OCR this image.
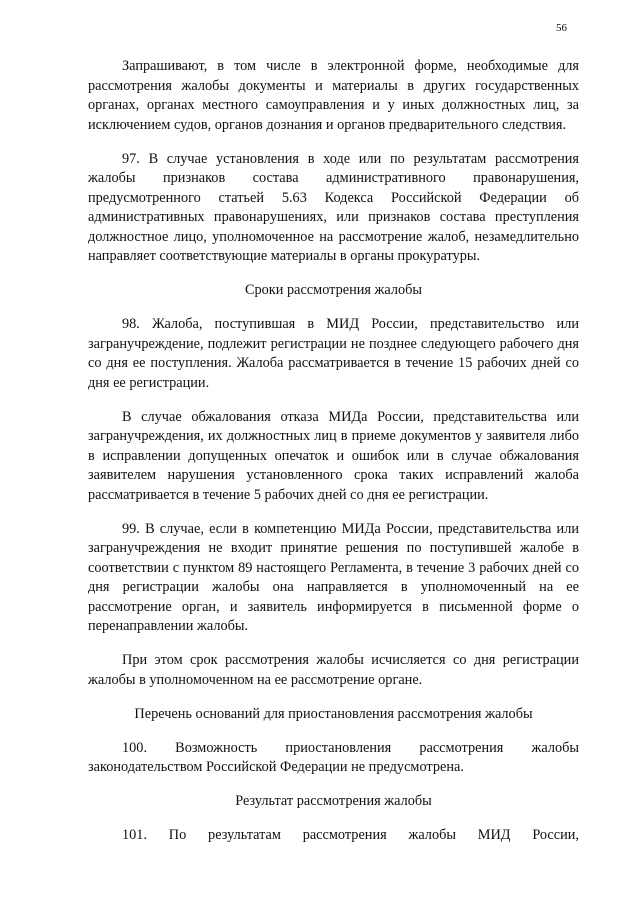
56

Запрашивают, в том числе в электронной форме, необходимые для рассмотрения жалобы документы и материалы в других государственных органах, органах местного самоуправления и у иных должностных лиц, за исключением судов, органов дознания и органов предварительного следствия.

97. В случае установления в ходе или по результатам рассмотрения жалобы признаков состава административного правонарушения, предусмотренного статьей 5.63 Кодекса Российской Федерации об административных правонарушениях, или признаков состава преступления должностное лицо, уполномоченное на рассмотрение жалоб, незамедлительно направляет соответствующие материалы в органы прокуратуры.

Сроки рассмотрения жалобы

98. Жалоба, поступившая в МИД России, представительство или загранучреждение, подлежит регистрации не позднее следующего рабочего дня со дня ее поступления. Жалоба рассматривается в течение 15 рабочих дней со дня ее регистрации.

В случае обжалования отказа МИДа России, представительства или загранучреждения, их должностных лиц в приеме документов у заявителя либо в исправлении допущенных опечаток и ошибок или в случае обжалования заявителем нарушения установленного срока таких исправлений жалоба рассматривается в течение 5 рабочих дней со дня ее регистрации.

99. В случае, если в компетенцию МИДа России, представительства или загранучреждения не входит принятие решения по поступившей жалобе в соответствии с пунктом 89 настоящего Регламента, в течение 3 рабочих дней со дня регистрации жалобы она направляется в уполномоченный на ее рассмотрение орган, и заявитель информируется в письменной форме о перенаправлении жалобы.

При этом срок рассмотрения жалобы исчисляется со дня регистрации жалобы в уполномоченном на ее рассмотрение органе.

Перечень оснований для приостановления рассмотрения жалобы

100. Возможность приостановления рассмотрения жалобы законодательством Российской Федерации не предусмотрена.

Результат рассмотрения жалобы

101. По результатам рассмотрения жалобы МИД России,
